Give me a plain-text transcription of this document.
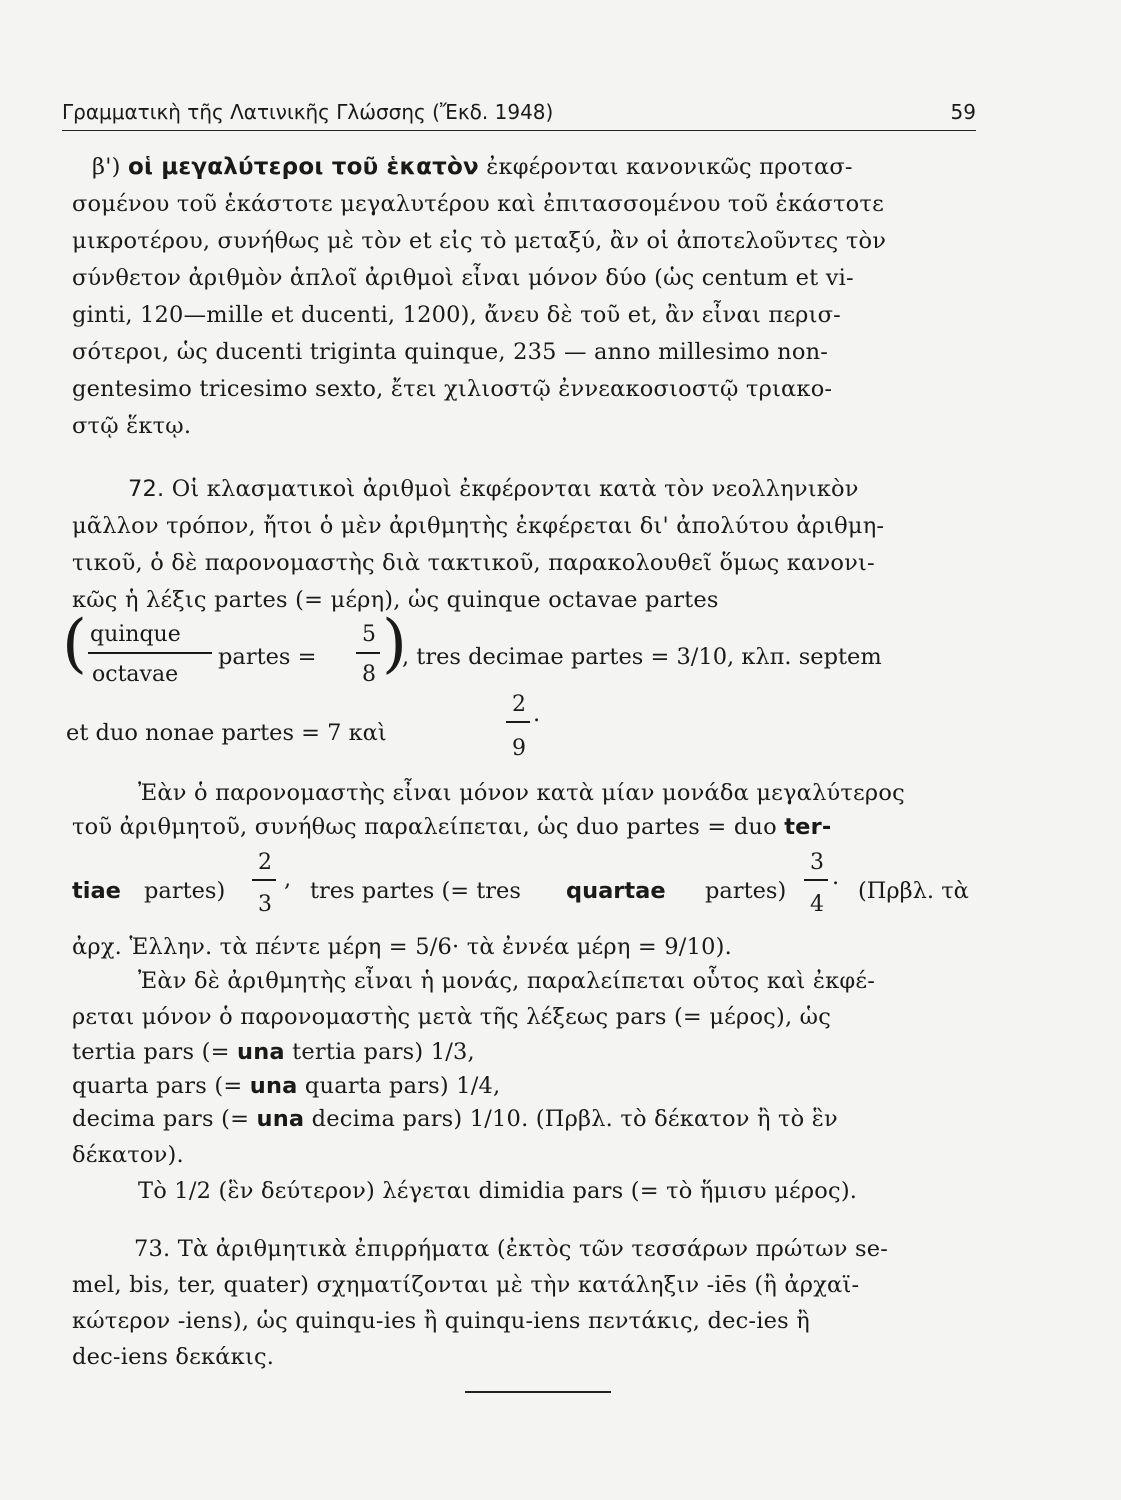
Γραμματικὴ τῆς Λατινικῆς Γλώσσης (Ἔκδ. 1948)	59
β') οἱ μεγαλύτεροι τοῦ ἑκατὸν ἐκφέρονται κανονικῶς προτασ-
σομένου τοῦ ἑκάστοτε μεγαλυτέρου καὶ ἐπιτασσομένου τοῦ ἑκάστοτε
μικροτέρου, συνήθως μὲ τὸν et εἰς τὸ μεταξύ, ἂν οἱ ἀποτελοῦντες τὸν
σύνθετον ἀριθμὸν ἁπλοῖ ἀριθμοὶ εἶναι μόνον δύο (ὡς centum et vi-
ginti, 120—mille et ducenti, 1200), ἄνευ δὲ τοῦ et, ἂν εἶναι περισ-
σότεροι, ὡς ducenti triginta quinque, 235 — anno millesimo non-
gentesimo tricesimo sexto, ἔτει χιλιοστῷ ἐννεακοσιοστῷ τριακο-
στῷ ἕκτῳ.
72. Οἱ κλασματικοὶ ἀριθμοὶ ἐκφέρονται κατὰ τὸν νεολληνικὸν
μᾶλλον τρόπον, ἤτοι ὁ μὲν ἀριθμητὴς ἐκφέρεται δι' ἀπολύτου ἀριθμη-
τικοῦ, ὁ δὲ παρονομαστὴς διὰ τακτικοῦ, παρακολουθεῖ ὅμως κανονι-
κῶς ἡ λέξις partes (= μέρη), ὡς quinque octavae partes
( quinque
octavae
partes =
5
8 )
, tres decimae partes = 3/10, κλπ. septem
et duo nonae partes = 7 καὶ
2
9
.
Ἐὰν ὁ παρονομαστὴς εἶναι μόνον κατὰ μίαν μονάδα μεγαλύτερος
τοῦ ἀριθμητοῦ, συνήθως παραλείπεται, ὡς duo partes = duo ter-
tiae partes)
2
3
, tres partes (= tres quartae partes)
3
4
.
(Πρβλ. τὰ
ἀρχ. Ἑλλην. τὰ πέντε μέρη = 5/6· τὰ ἐννέα μέρη = 9/10).
Ἐὰν δὲ ἀριθμητὴς εἶναι ἡ μονάς, παραλείπεται οὗτος καὶ ἐκφέ-
ρεται μόνον ὁ παρονομαστὴς μετὰ τῆς λέξεως pars (= μέρος), ὡς
tertia pars (= una tertia pars) 1/3,
quarta pars (= una quarta pars) 1/4,
decima pars (= una decima pars) 1/10. (Πρβλ. τὸ δέκατον ἢ τὸ ἓν
δέκατον).
Τὸ 1/2 (ἓν δεύτερον) λέγεται dimidia pars (= τὸ ἥμισυ μέρος).
73. Τὰ ἀριθμητικὰ ἐπιρρήματα (ἐκτὸς τῶν τεσσάρων πρώτων se-
mel, bis, ter, quater) σχηματίζονται μὲ τὴν κατάληξιν -iēs (ἢ ἀρχαϊ-
κώτερον -iens), ὡς quinqu-ies ἢ quinqu-iens πεντάκις, dec-ies ἢ
dec-iens δεκάκις.
